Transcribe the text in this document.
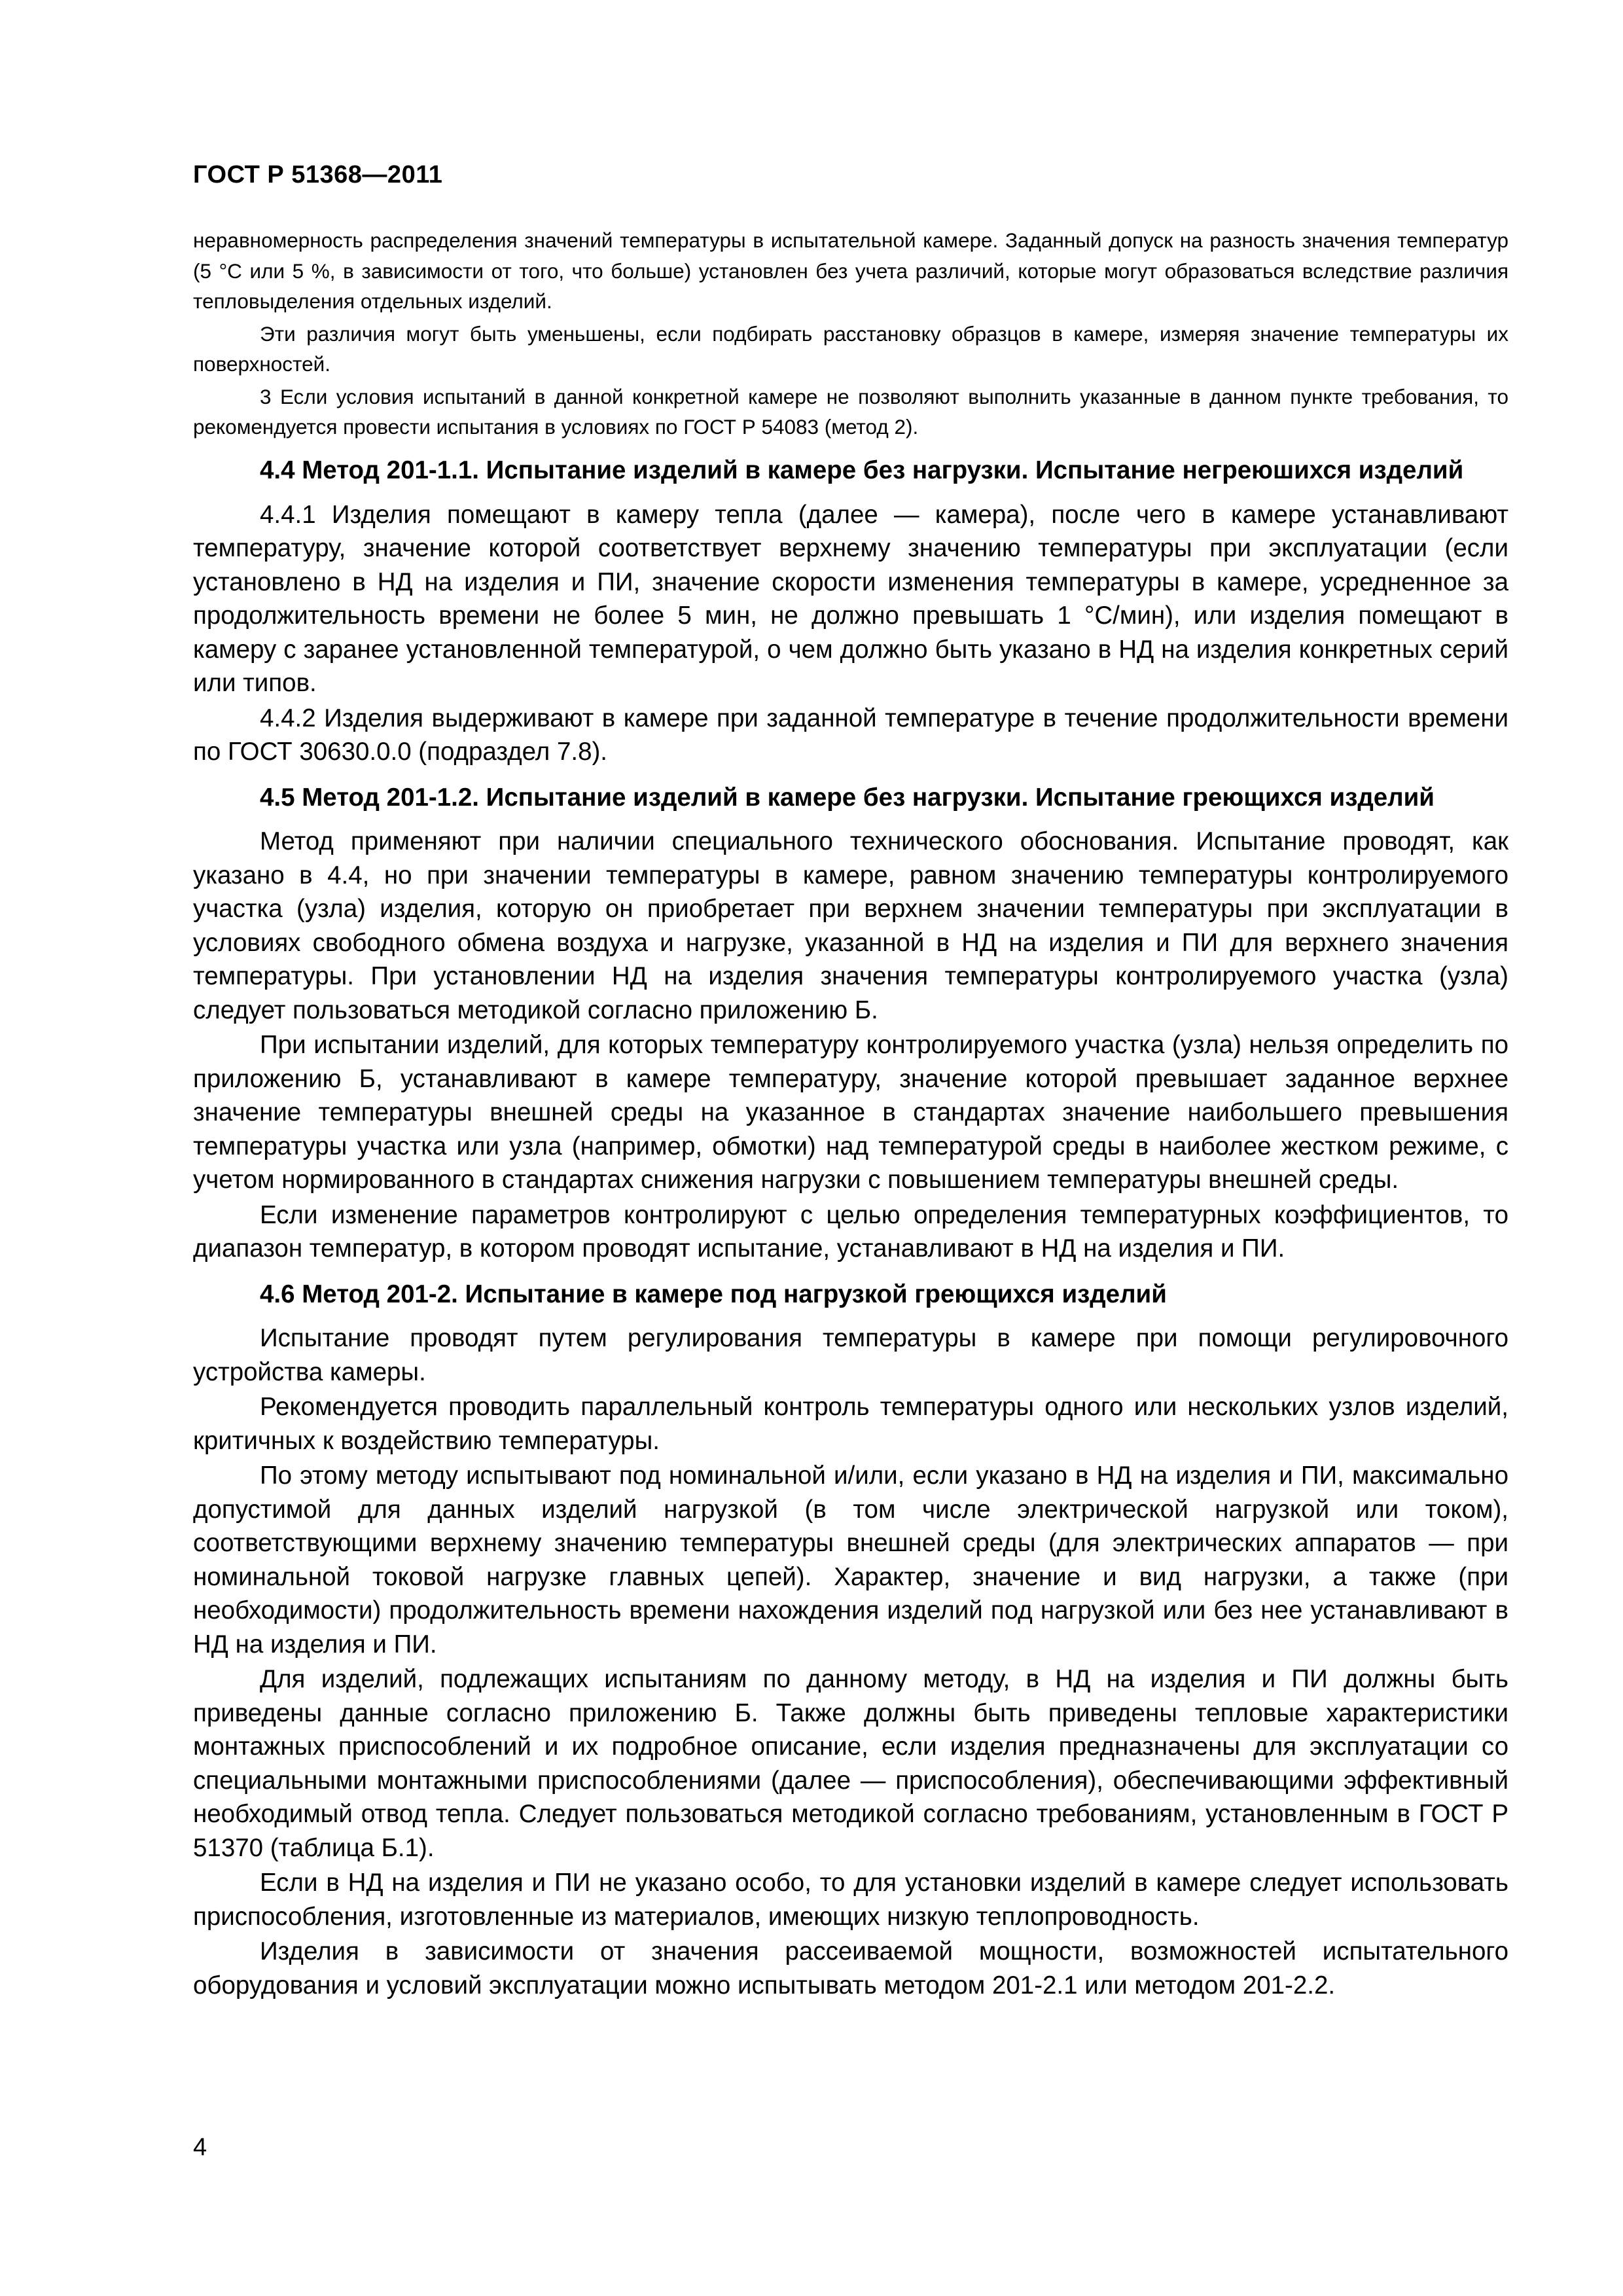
ГОСТ Р 51368—2011

неравномерность распределения значений температуры в испытательной камере. Заданный допуск на разность значения температур (5 °С или 5 %, в зависимости от того, что больше) установлен без учета различий, которые могут образоваться вследствие различия тепловыделения отдельных изделий.

Эти различия могут быть уменьшены, если подбирать расстановку образцов в камере, измеряя значение температуры их поверхностей.

3 Если условия испытаний в данной конкретной камере не позволяют выполнить указанные в данном пункте требования, то рекомендуется провести испытания в условиях по ГОСТ Р 54083 (метод 2).

4.4 Метод 201-1.1. Испытание изделий в камере без нагрузки. Испытание негреюшихся изделий

4.4.1 Изделия помещают в камеру тепла (далее — камера), после чего в камере устанавливают температуру, значение которой соответствует верхнему значению температуры при эксплуатации (если установлено в НД на изделия и ПИ, значение скорости изменения температуры в камере, усредненное за продолжительность времени не более 5 мин, не должно превышать 1 °С/мин), или изделия помещают в камеру с заранее установленной температурой, о чем должно быть указано в НД на изделия конкретных серий или типов.

4.4.2 Изделия выдерживают в камере при заданной температуре в течение продолжительности времени по ГОСТ 30630.0.0 (подраздел 7.8).

4.5 Метод 201-1.2. Испытание изделий в камере без нагрузки. Испытание греющихся изделий

Метод применяют при наличии специального технического обоснования. Испытание проводят, как указано в 4.4, но при значении температуры в камере, равном значению температуры контролируемого участка (узла) изделия, которую он приобретает при верхнем значении температуры при эксплуатации в условиях свободного обмена воздуха и нагрузке, указанной в НД на изделия и ПИ для верхнего значения температуры. При установлении НД на изделия значения температуры контролируемого участка (узла) следует пользоваться методикой согласно приложению Б.

При испытании изделий, для которых температуру контролируемого участка (узла) нельзя определить по приложению Б, устанавливают в камере температуру, значение которой превышает заданное верхнее значение температуры внешней среды на указанное в стандартах значение наибольшего превышения температуры участка или узла (например, обмотки) над температурой среды в наиболее жестком режиме, с учетом нормированного в стандартах снижения нагрузки с повышением температуры внешней среды.

Если изменение параметров контролируют с целью определения температурных коэффициентов, то диапазон температур, в котором проводят испытание, устанавливают в НД на изделия и ПИ.

4.6 Метод 201-2. Испытание в камере под нагрузкой греющихся изделий

Испытание проводят путем регулирования температуры в камере при помощи регулировочного устройства камеры.

Рекомендуется проводить параллельный контроль температуры одного или нескольких узлов изделий, критичных к воздействию температуры.

По этому методу испытывают под номинальной и/или, если указано в НД на изделия и ПИ, максимально допустимой для данных изделий нагрузкой (в том числе электрической нагрузкой или током), соответствующими верхнему значению температуры внешней среды (для электрических аппаратов — при номинальной токовой нагрузке главных цепей). Характер, значение и вид нагрузки, а также (при необходимости) продолжительность времени нахождения изделий под нагрузкой или без нее устанавливают в НД на изделия и ПИ.

Для изделий, подлежащих испытаниям по данному методу, в НД на изделия и ПИ должны быть приведены данные согласно приложению Б. Также должны быть приведены тепловые характеристики монтажных приспособлений и их подробное описание, если изделия предназначены для эксплуатации со специальными монтажными приспособлениями (далее — приспособления), обеспечивающими эффективный необходимый отвод тепла. Следует пользоваться методикой согласно требованиям, установленным в ГОСТ Р 51370 (таблица Б.1).

Если в НД на изделия и ПИ не указано особо, то для установки изделий в камере следует использовать приспособления, изготовленные из материалов, имеющих низкую теплопроводность.

Изделия в зависимости от значения рассеиваемой мощности, возможностей испытательного оборудования и условий эксплуатации можно испытывать методом 201-2.1 или методом 201-2.2.

4
